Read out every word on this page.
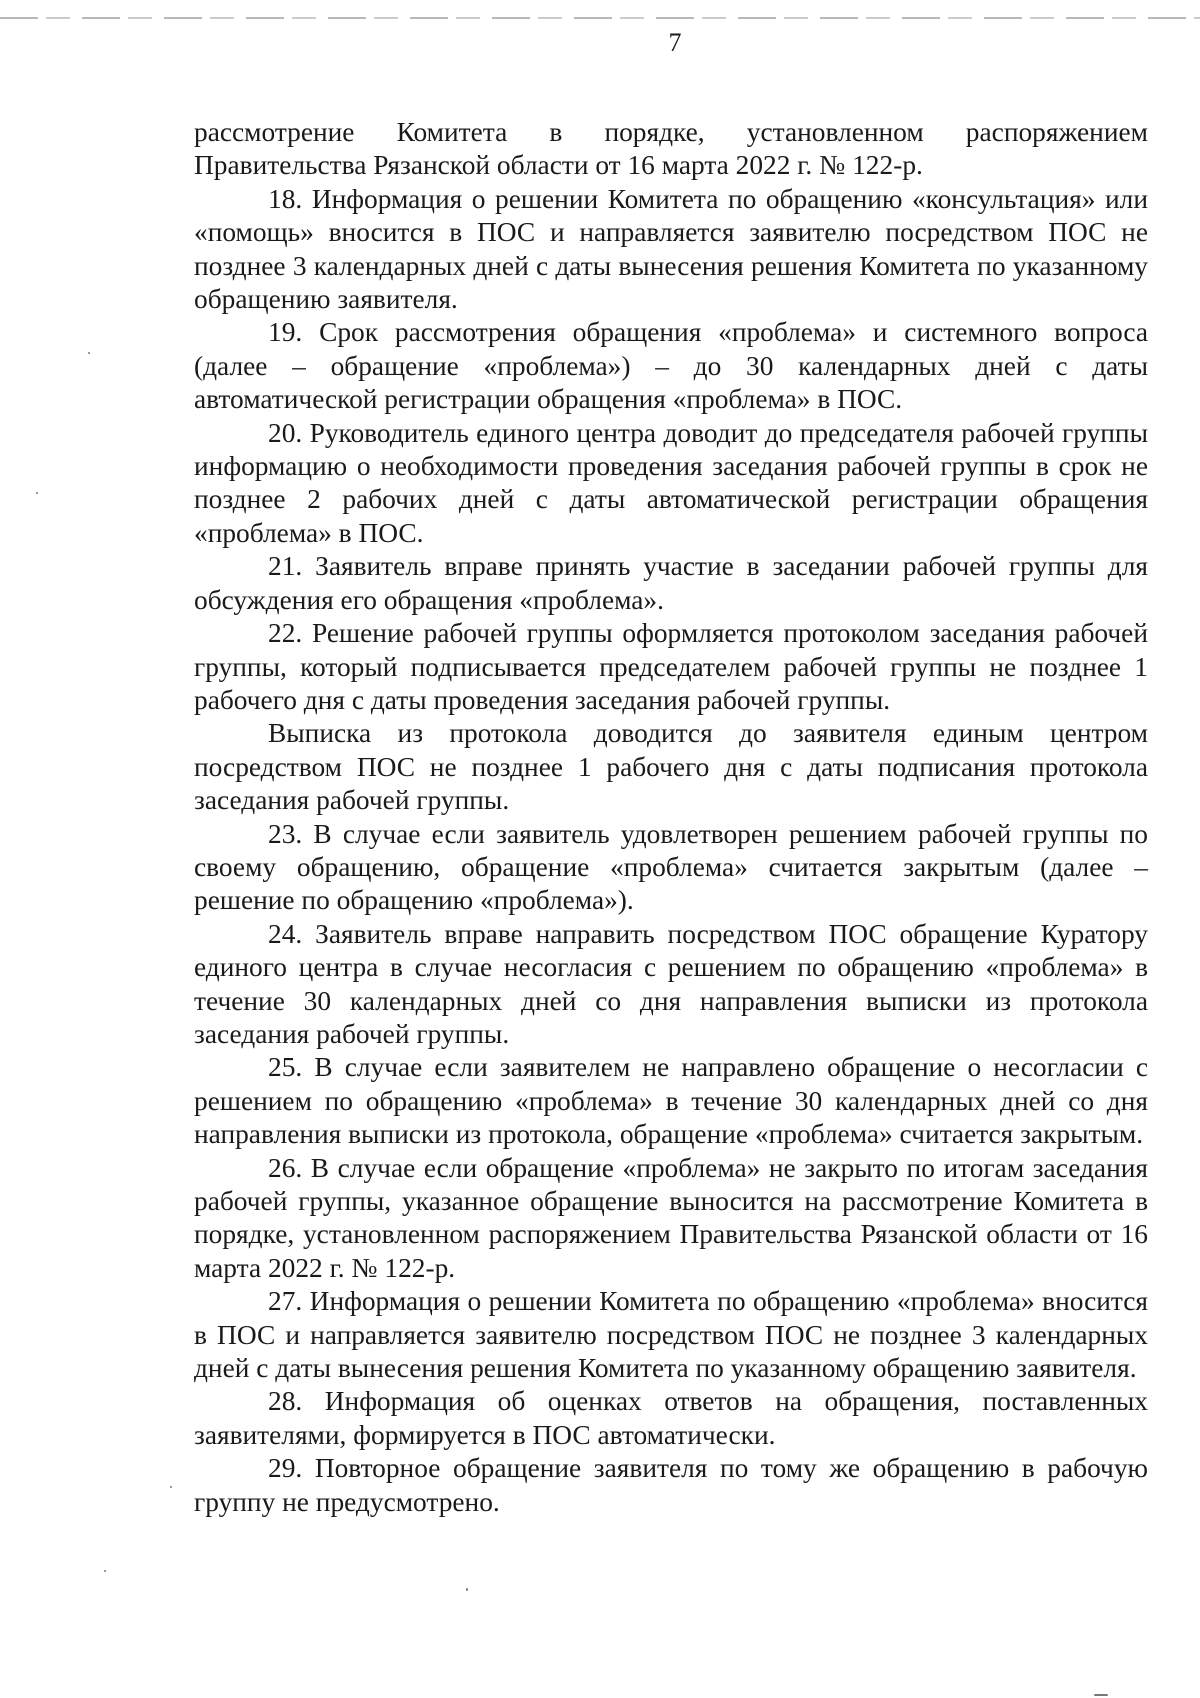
7

рассмотрение Комитета в порядке, установленном распоряжением Правительства Рязанской области от 16 марта 2022 г. № 122-р.

18. Информация о решении Комитета по обращению «консультация» или «помощь» вносится в ПОС и направляется заявителю посредством ПОС не позднее 3 календарных дней с даты вынесения решения Комитета по указанному обращению заявителя.

19. Срок рассмотрения обращения «проблема» и системного вопроса (далее – обращение «проблема») – до 30 календарных дней с даты автоматической регистрации обращения «проблема» в ПОС.

20. Руководитель единого центра доводит до председателя рабочей группы информацию о необходимости проведения заседания рабочей группы в срок не позднее 2 рабочих дней с даты автоматической регистрации обращения «проблема» в ПОС.

21. Заявитель вправе принять участие в заседании рабочей группы для обсуждения его обращения «проблема».

22. Решение рабочей группы оформляется протоколом заседания рабочей группы, который подписывается председателем рабочей группы не позднее 1 рабочего дня с даты проведения заседания рабочей группы.

Выписка из протокола доводится до заявителя единым центром посредством ПОС не позднее 1 рабочего дня с даты подписания протокола заседания рабочей группы.

23. В случае если заявитель удовлетворен решением рабочей группы по своему обращению, обращение «проблема» считается закрытым (далее – решение по обращению «проблема»).

24. Заявитель вправе направить посредством ПОС обращение Куратору единого центра в случае несогласия с решением по обращению «проблема» в течение 30 календарных дней со дня направления выписки из протокола заседания рабочей группы.

25. В случае если заявителем не направлено обращение о несогласии с решением по обращению «проблема» в течение 30 календарных дней со дня направления выписки из протокола, обращение «проблема» считается закрытым.

26. В случае если обращение «проблема» не закрыто по итогам заседания рабочей группы, указанное обращение выносится на рассмотрение Комитета в порядке, установленном распоряжением Правительства Рязанской области от 16 марта 2022 г. № 122-р.

27. Информация о решении Комитета по обращению «проблема» вносится в ПОС и направляется заявителю посредством ПОС не позднее 3 календарных дней с даты вынесения решения Комитета по указанному обращению заявителя.

28. Информация об оценках ответов на обращения, поставленных заявителями, формируется в ПОС автоматически.

29. Повторное обращение заявителя по тому же обращению в рабочую группу не предусмотрено.
